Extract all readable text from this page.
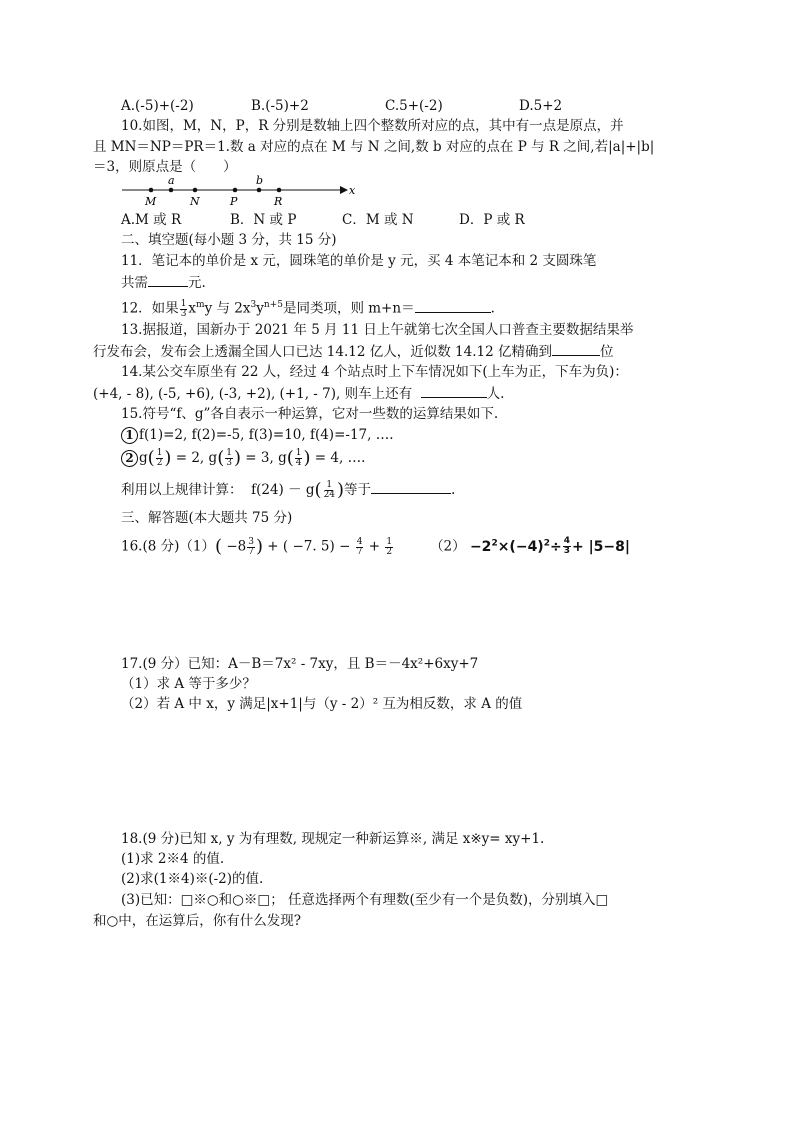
A.(-5)+(-2)	B.(-5)+2	C.5+(-2)	D.5+2
10.如图，M，N，P，R 分别是数轴上四个整数所对应的点，其中有一点是原点，并
且 MN＝NP＝PR＝1.数 a 对应的点在 M 与 N 之间,数 b 对应的点在 P 与 R 之间,若|a|+|b|
＝3，则原点是（　　）
x
a	b
M	N	P	R
A.M 或 R	B．N 或 P	C．M 或 N	D．P 或 R
二、填空题(每小题 3 分，共 15 分)
11．笔记本的单价是 x 元，圆珠笔的单价是 y 元，买 4 本笔记本和 2 支圆珠笔
共需	元.
12．如果 $\frac{1}{3} x^my$ 与 $2x^3y^{n+5}$是同类项，则 m+n＝	.
13.据报道，国新办于 2021 年 5 月 11 日上午就第七次全国人口普查主要数据结果举
行发布会，发布会上透漏全国人口已达 14.12 亿人，近似数 14.12 亿精确到	位
14.某公交车原坐有 22 人，经过 4 个站点时上下车情况如下(上车为正，下车为负)：
(+4, - 8), (-5, +6), (-3, +2), (+1, - 7), 则车上还有	人.
15.符号“f、g”各自表示一种运算，它对一些数的运算结果如下.
1 f(1)=2, f(2)=-5, f(3)=10, f(4)=-17, ….
2 $g( \frac{1}{2}$ ) = 2, $g( \frac{1}{3}$ ) = 3, $g( \frac{1}{4}$ ) = 4, ….
利用以上规律计算： $f(24) - g( \frac{1}{24}$ )等于	.
三、解答题(本大题共 75 分)
16.(8 分)$(1)( -8 \frac{3}{7}$ ) + ( −7. $5) - \frac{4}{7} + \frac{1}{2}$	$(2) -2^2\times(-4)^2\div \frac{4}{3} + |5-8|$
17.(9 分）已知：A－B＝7x² - 7xy，且 B＝－4x²+6xy+7
（1）求 A 等于多少？
（2）若 A 中 x，y 满足|x+1|与（y - 2）² 互为相反数，求 A 的值
18.(9 分)已知 x, y 为有理数, 现规定一种新运算※, 满足 x※y= xy+1.
(1)求 2※4 的值.
(2)求(1※4)※(-2)的值.
(3)已知：□※○和○※□； 任意选择两个有理数(至少有一个是负数)，分别填入□
和○中，在运算后，你有什么发现?
